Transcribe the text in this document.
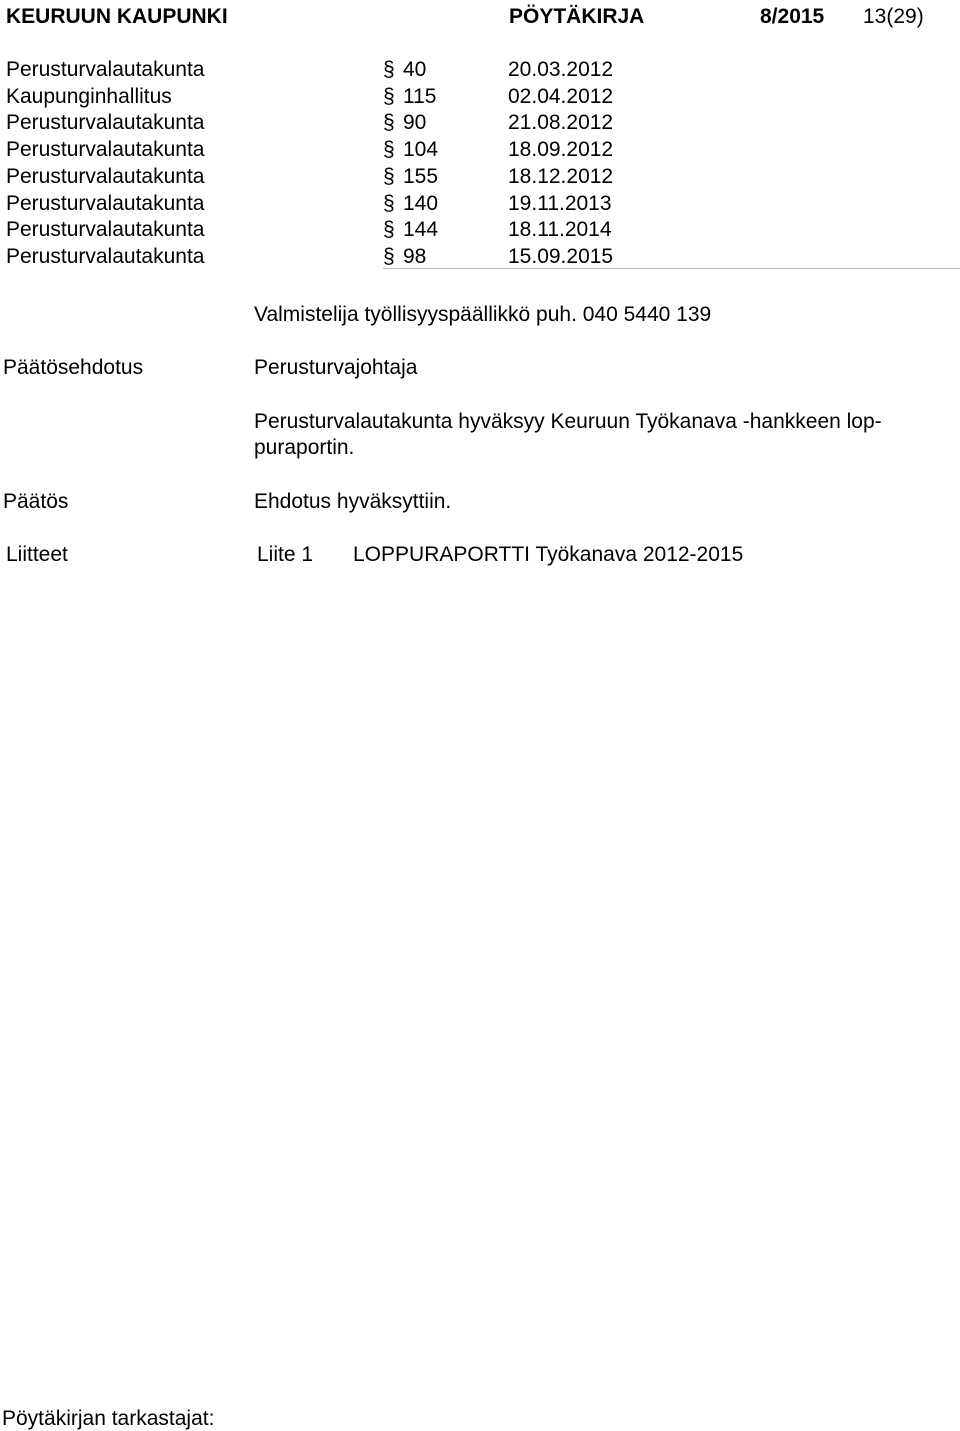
KEURUUN KAUPUNKI	PÖYTÄKIRJA	8/2015 13(29)
Perusturvalautakunta	§ 40	20.03.2012
Kaupunginhallitus	§ 115	02.04.2012
Perusturvalautakunta	§ 90	21.08.2012
Perusturvalautakunta	§ 104	18.09.2012
Perusturvalautakunta	§ 155	18.12.2012
Perusturvalautakunta	§ 140	19.11.2013
Perusturvalautakunta	§ 144	18.11.2014
Perusturvalautakunta	§ 98	15.09.2015
Valmistelija työllisyyspäällikkö puh. 040 5440 139
Päätösehdotus	Perusturvajohtaja
Perusturvalautakunta hyväksyy Keuruun Työkanava -hankkeen lop-
puraportin.
Päätös	Ehdotus hyväksyttiin.
Liitteet	Liite 1 LOPPURAPORTTI Työkanava 2012-2015
Pöytäkirjan tarkastajat:
